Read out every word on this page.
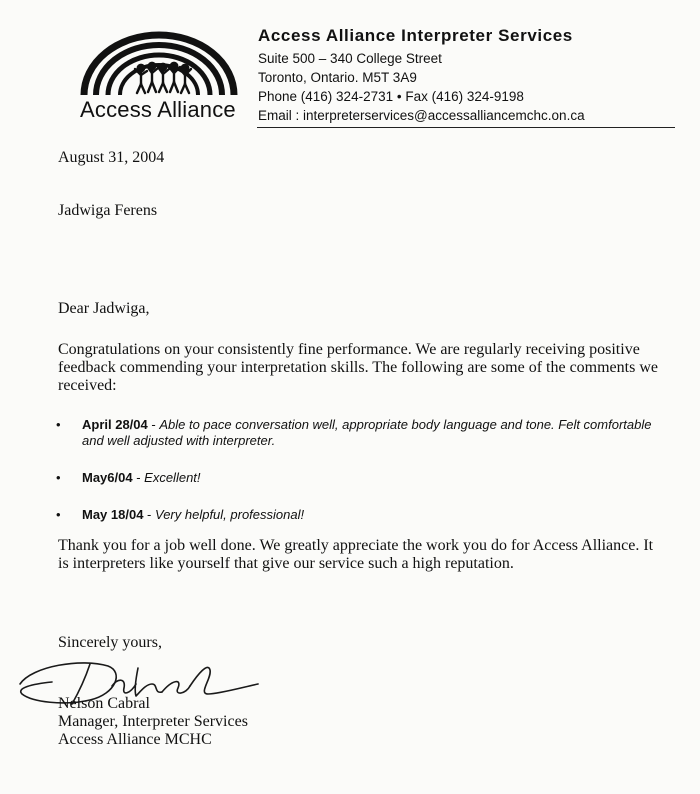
Access Alliance
Access Alliance Interpreter Services
Suite 500 – 340 College Street
Toronto, Ontario. M5T 3A9
Phone (416) 324-2731 • Fax (416) 324-9198
Email : interpreterservices@accessalliancemchc.on.ca
August 31, 2004
Jadwiga Ferens
Dear Jadwiga,
Congratulations on your consistently fine performance. We are regularly receiving positive feedback commending your interpretation skills. The following are some of the comments we received:
• April 28/04 - Able to pace conversation well, appropriate body language and tone. Felt comfortable and well adjusted with interpreter.
• May6/04 - Excellent!
• May 18/04 - Very helpful, professional!
Thank you for a job well done. We greatly appreciate the work you do for Access Alliance. It is interpreters like yourself that give our service such a high reputation.
Sincerely yours,
Nelson Cabral
Manager, Interpreter Services
Access Alliance MCHC
